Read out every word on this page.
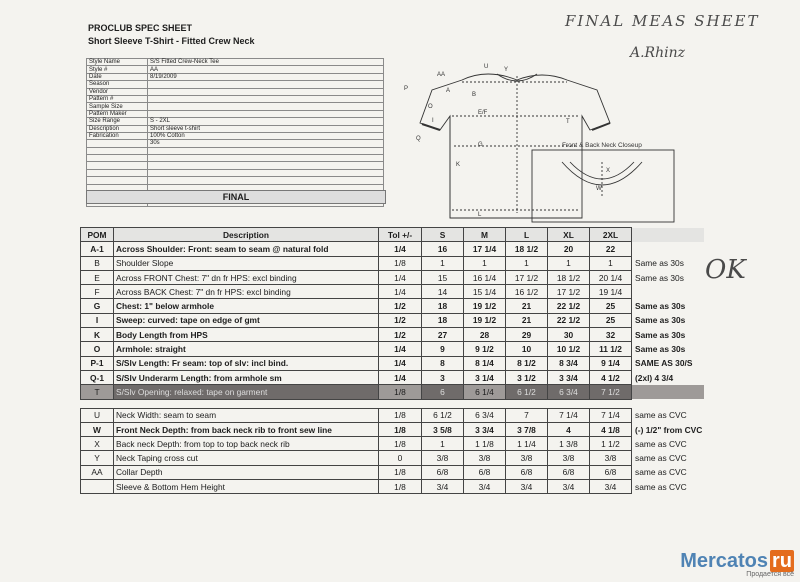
PROCLUB SPEC SHEET
Short Sleeve T-Shirt - Fitted Crew Neck
FINAL MEAS SHEET
A.Rhinz
OK
Style Name	S/S Fitted Crew-Neck Tee
Style #	AA
Date	8/19/2009
Season	
Vendor	
Pattern #	
Sample Size	
Pattern Maker	
Size Range	S - 2XL
Description	Short sleeve t-shirt
Fabrication	100% Cotton
	30s

FINAL
AA
U	Y
P	A
B
O
E/F
I
K
G
T
Q
L
X
W
Front & Back Neck Closeup
POM	Description	Tol +/-	S	M	L	XL	2XL	
A-1	Across Shoulder: Front: seam to seam @ natural fold	1/4	16	17 1/4	18 1/2	20	22	
B	Shoulder Slope	1/8	1	1	1	1	1	Same as 30s
E	Across FRONT Chest: 7" dn fr HPS: excl binding	1/4	15	16 1/4	17 1/2	18 1/2	20 1/4	Same as 30s
F	Across BACK Chest: 7" dn fr HPS: excl binding	1/4	14	15 1/4	16 1/2	17 1/2	19 1/4	
G	Chest: 1" below armhole	1/2	18	19 1/2	21	22 1/2	25	Same as 30s
I	Sweep: curved: tape on edge of gmt	1/2	18	19 1/2	21	22 1/2	25	Same as 30s
K	Body Length from HPS	1/2	27	28	29	30	32	Same as 30s
O	Armhole: straight	1/4	9	9 1/2	10	10 1/2	11 1/2	Same as 30s
P-1	S/Slv Length: Fr seam: top of slv: incl bind.	1/4	8	8 1/4	8 1/2	8 3/4	9 1/4	SAME AS 30/S
Q-1	S/Slv Underarm Length: from armhole sm	1/4	3	3 1/4	3 1/2	3 3/4	4 1/2	(2xl) 4 3/4
T	S/Slv Opening: relaxed: tape on garment	1/8	6	6 1/4	6 1/2	6 3/4	7 1/2	

U	Neck Width: seam to seam	1/8	6 1/2	6 3/4	7	7 1/4	7 1/4	same as CVC
W	Front Neck Depth: from back neck rib to front sew line	1/8	3 5/8	3 3/4	3 7/8	4	4 1/8	(-) 1/2" from CVC
X	Back neck Depth: from top to top back neck rib	1/8	1	1 1/8	1 1/4	1 3/8	1 1/2	same as CVC
Y	Neck Taping cross cut	0	3/8	3/8	3/8	3/8	3/8	same as CVC
AA	Collar Depth	1/8	6/8	6/8	6/8	6/8	6/8	same as CVC
	Sleeve & Bottom Hem Height	1/8	3/4	3/4	3/4	3/4	3/4	same as CVC
Mercatos ru
Продается всё
